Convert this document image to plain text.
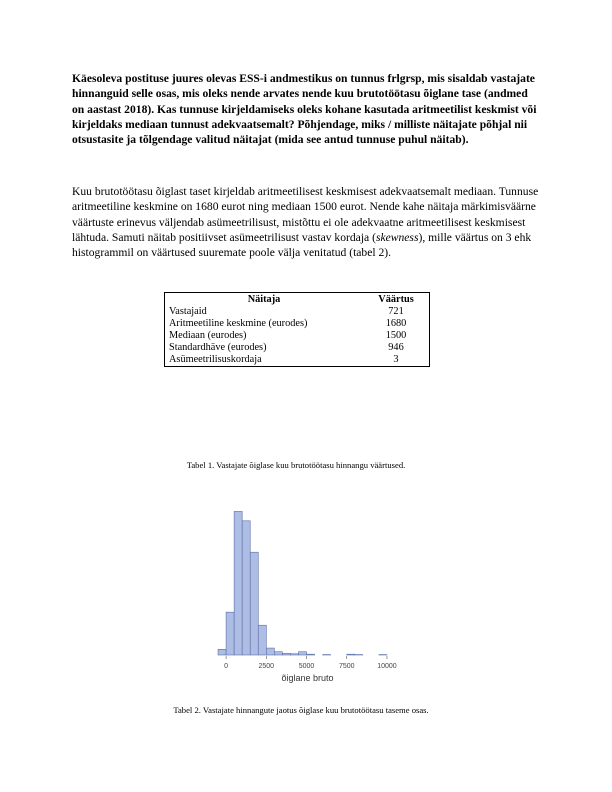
Käesoleva postituse juures olevas ESS-i andmestikus on tunnus frlgrsp, mis sisaldab vastajate hinnanguid selle osas, mis oleks nende arvates nende kuu brutotöötasu õiglane tase (andmed on aastast 2018). Kas tunnuse kirjeldamiseks oleks kohane kasutada aritmeetilist keskmist või kirjeldaks mediaan tunnust adekvaatsemalt? Põhjendage, miks / milliste näitajate põhjal nii otsustasite ja tõlgendage valitud näitajat (mida see antud tunnuse puhul näitab).

Kuu brutotöötasu õiglast taset kirjeldab aritmeetilisest keskmisest adekvaatsemalt mediaan. Tunnuse aritmeetiline keskmine on 1680 eurot ning mediaan 1500 eurot. Nende kahe näitaja märkimisväärne väärtuste erinevus väljendab asümeetrilisust, mistõttu ei ole adekvaatne aritmeetilisest keskmisest lähtuda. Samuti näitab positiivset asümeetrilisust vastav kordaja (skewness), mille väärtus on 3 ehk histogrammil on väärtused suuremate poole välja venitatud (tabel 2).

Näitaja	Väärtus
Vastajaid	721
Aritmeetiline keskmine (eurodes)	1680
Mediaan (eurodes)	1500
Standardhäve (eurodes)	946
Asümeetrilisuskordaja	3

Tabel 1. Vastajate õiglase kuu brutotöötasu hinnangu väärtused.

0	2500	5000	7500	10000
õiglane bruto

Tabel 2. Vastajate hinnangute jaotus õiglase kuu brutotöötasu taseme osas.
